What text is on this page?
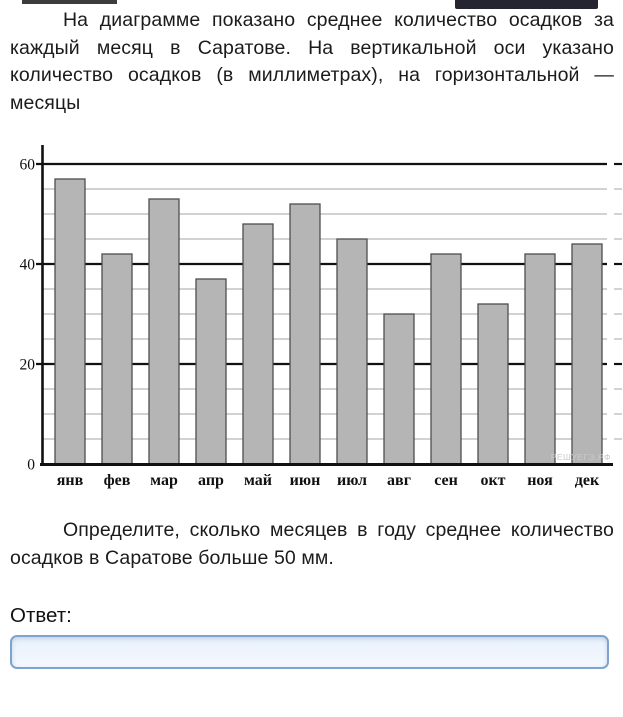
На диаграмме показано среднее количество осадков за каждый месяц в Саратове. На вертикальной оси указано количество осадков (в миллиметрах), на горизонтальной — месяцы
0
20
40
60
янв фев мар апр май июн июл авг сен окт ноя дек
РЕШУЕГЭ.РФ
Определите, сколько месяцев в году среднее количество осадков в Саратове больше 50 мм.
Ответ:
